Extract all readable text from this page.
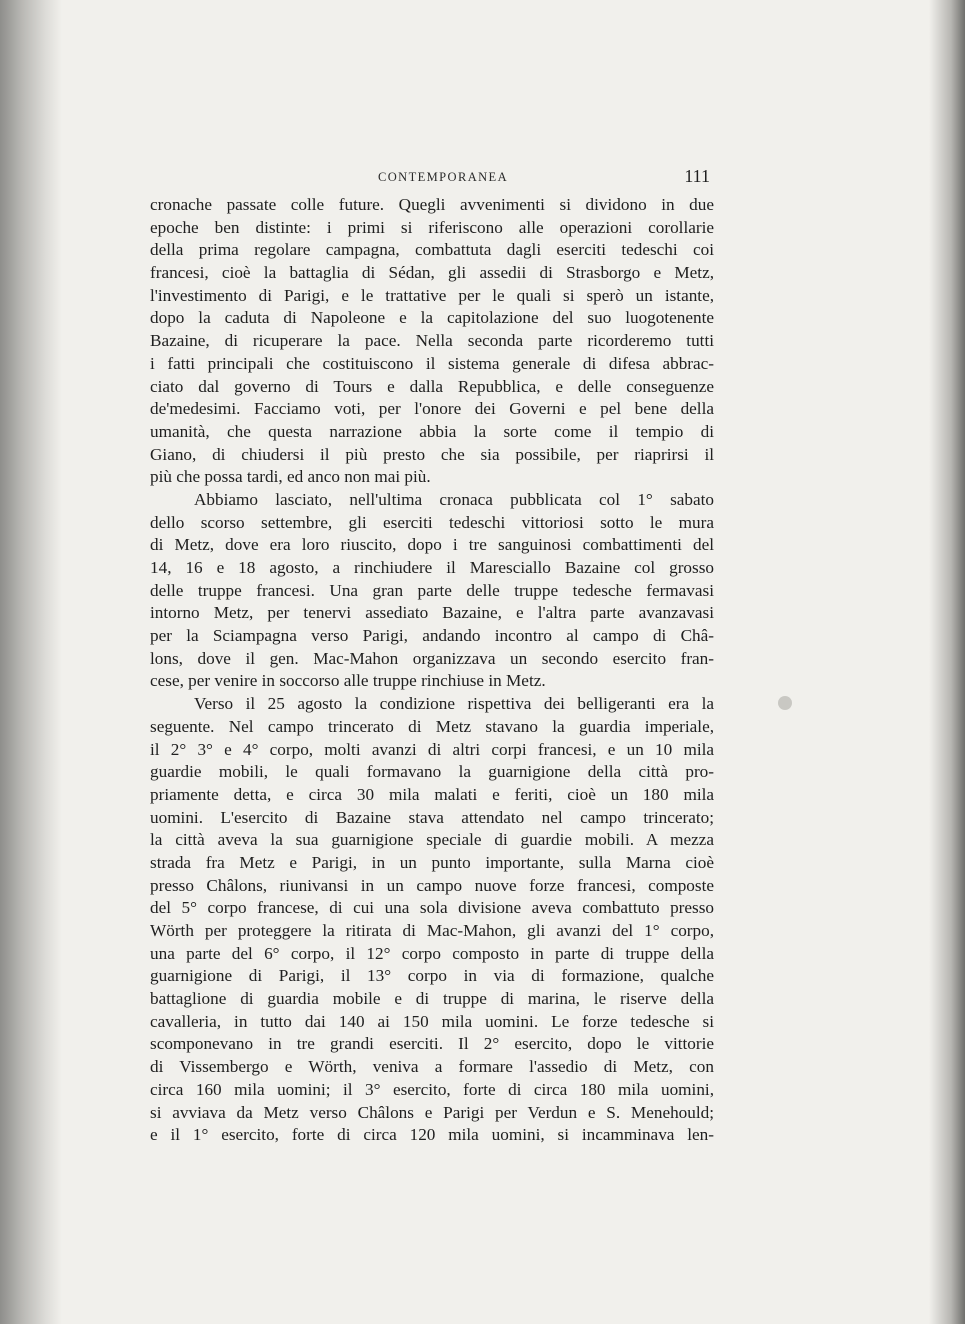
CONTEMPORANEA	111
cronache passate colle future. Quegli avvenimenti si dividono in due
epoche ben distinte: i primi si riferiscono alle operazioni corollarie
della prima regolare campagna, combattuta dagli eserciti tedeschi coi
francesi, cioè la battaglia di Sédan, gli assedii di Strasborgo e Metz,
l'investimento di Parigi, e le trattative per le quali si sperò un istante,
dopo la caduta di Napoleone e la capitolazione del suo luogotenente
Bazaine, di ricuperare la pace. Nella seconda parte ricorderemo tutti
i fatti principali che costituiscono il sistema generale di difesa abbrac-
ciato dal governo di Tours e dalla Repubblica, e delle conseguenze
de'medesimi. Facciamo voti, per l'onore dei Governi e pel bene della
umanità, che questa narrazione abbia la sorte come il tempio di
Giano, di chiudersi il più presto che sia possibile, per riaprirsi il
più che possa tardi, ed anco non mai più.
Abbiamo lasciato, nell'ultima cronaca pubblicata col 1° sabato
dello scorso settembre, gli eserciti tedeschi vittoriosi sotto le mura
di Metz, dove era loro riuscito, dopo i tre sanguinosi combattimenti del
14, 16 e 18 agosto, a rinchiudere il Maresciallo Bazaine col grosso
delle truppe francesi. Una gran parte delle truppe tedesche fermavasi
intorno Metz, per tenervi assediato Bazaine, e l'altra parte avanzavasi
per la Sciampagna verso Parigi, andando incontro al campo di Châ-
lons, dove il gen. Mac-Mahon organizzava un secondo esercito fran-
cese, per venire in soccorso alle truppe rinchiuse in Metz.
Verso il 25 agosto la condizione rispettiva dei belligeranti era la
seguente. Nel campo trincerato di Metz stavano la guardia imperiale,
il 2° 3° e 4° corpo, molti avanzi di altri corpi francesi, e un 10 mila
guardie mobili, le quali formavano la guarnigione della città pro-
priamente detta, e circa 30 mila malati e feriti, cioè un 180 mila
uomini. L'esercito di Bazaine stava attendato nel campo trincerato;
la città aveva la sua guarnigione speciale di guardie mobili. A mezza
strada fra Metz e Parigi, in un punto importante, sulla Marna cioè
presso Châlons, riunivansi in un campo nuove forze francesi, composte
del 5° corpo francese, di cui una sola divisione aveva combattuto presso
Wörth per proteggere la ritirata di Mac-Mahon, gli avanzi del 1° corpo,
una parte del 6° corpo, il 12° corpo composto in parte di truppe della
guarnigione di Parigi, il 13° corpo in via di formazione, qualche
battaglione di guardia mobile e di truppe di marina, le riserve della
cavalleria, in tutto dai 140 ai 150 mila uomini. Le forze tedesche si
scomponevano in tre grandi eserciti. Il 2° esercito, dopo le vittorie
di Vissembergo e Wörth, veniva a formare l'assedio di Metz, con
circa 160 mila uomini; il 3° esercito, forte di circa 180 mila uomini,
si avviava da Metz verso Châlons e Parigi per Verdun e S. Menehould;
e il 1° esercito, forte di circa 120 mila uomini, si incamminava len-
